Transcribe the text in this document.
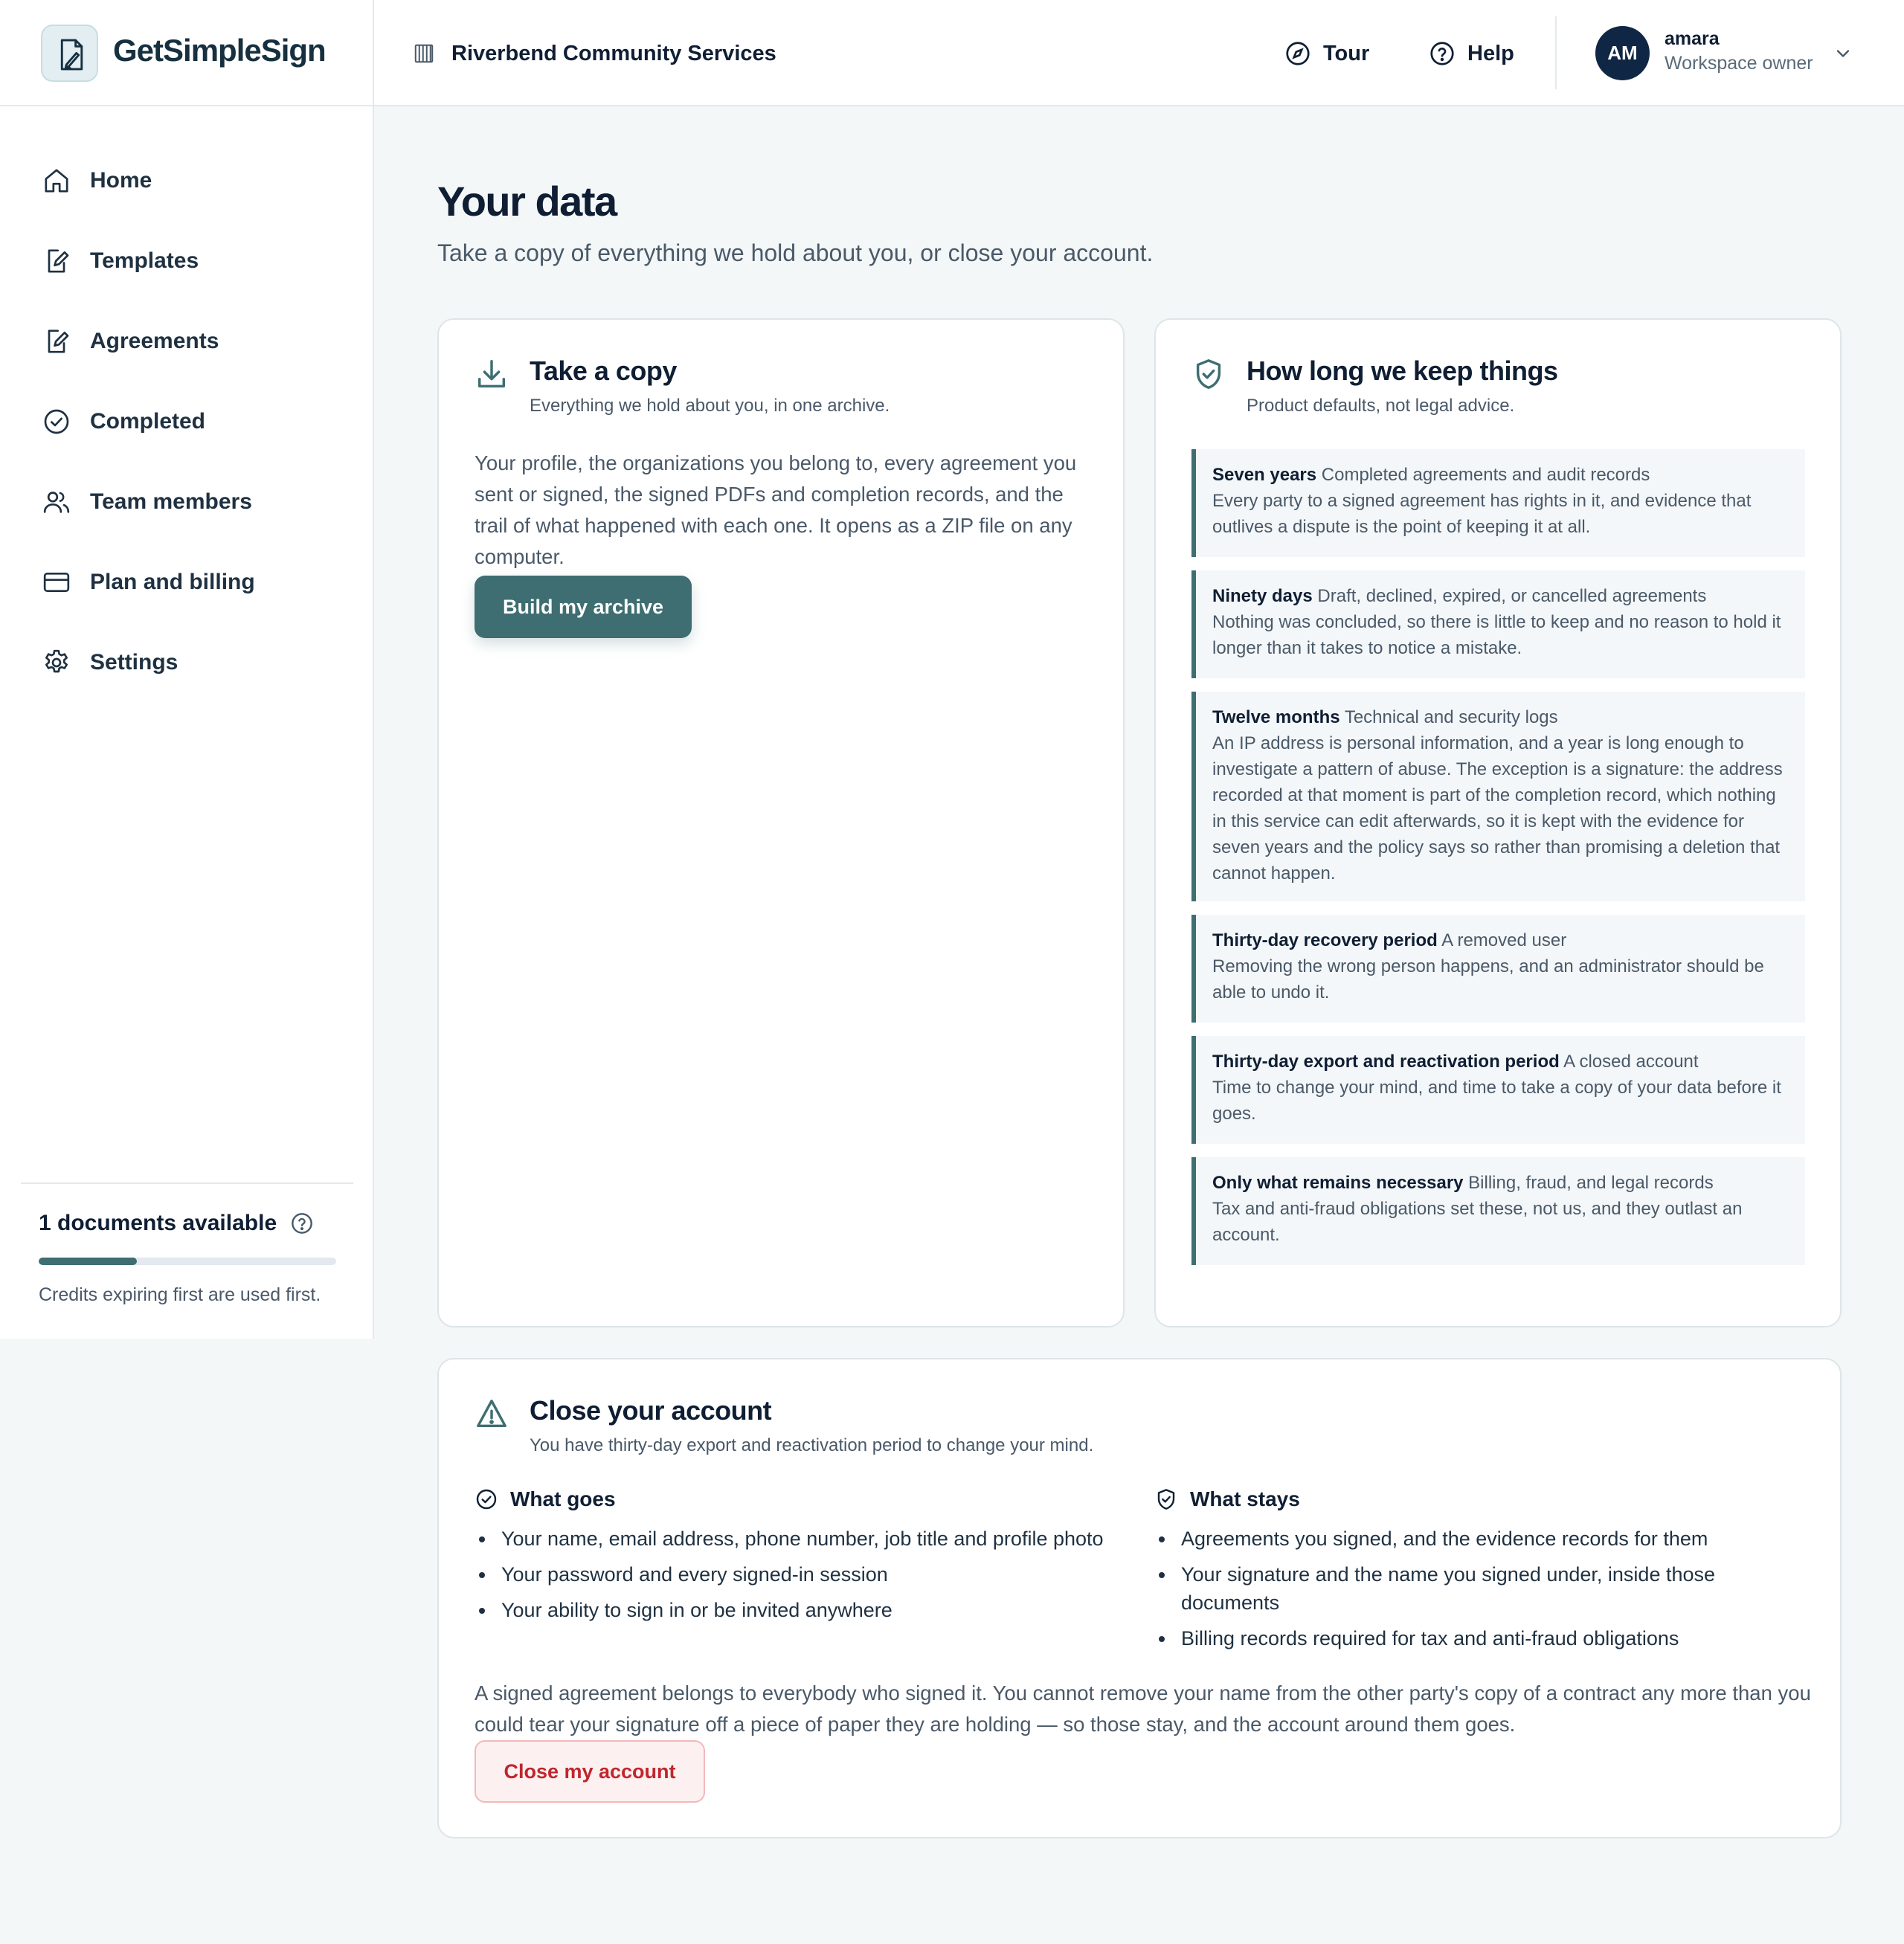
GetSimpleSign	Riverbend Community Services	Tour	Help	AM
amara
Workspace owner
Home
Templates
Agreements
Completed
Team members
Plan and billing
Settings
1 documents available
Credits expiring first are used first.
Your data
Take a copy of everything we hold about you, or close your account.
Take a copy
Everything we hold about you, in one archive.
Your profile, the organizations you belong to, every agreement you sent or signed, the signed PDFs and completion records, and the trail of what happened with each one. It opens as a ZIP file on any computer.
Build my archive
How long we keep things
Product defaults, not legal advice.
Seven years Completed agreements and audit records
Every party to a signed agreement has rights in it, and evidence that outlives a dispute is the point of keeping it at all.
Ninety days Draft, declined, expired, or cancelled agreements
Nothing was concluded, so there is little to keep and no reason to hold it longer than it takes to notice a mistake.
Twelve months Technical and security logs
An IP address is personal information, and a year is long enough to investigate a pattern of abuse. The exception is a signature: the address recorded at that moment is part of the completion record, which nothing in this service can edit afterwards, so it is kept with the evidence for seven years and the policy says so rather than promising a deletion that cannot happen.
Thirty-day recovery period A removed user
Removing the wrong person happens, and an administrator should be able to undo it.
Thirty-day export and reactivation period A closed account
Time to change your mind, and time to take a copy of your data before it goes.
Only what remains necessary Billing, fraud, and legal records
Tax and anti-fraud obligations set these, not us, and they outlast an account.
Close your account
You have thirty-day export and reactivation period to change your mind.
What goes
Your name, email address, phone number, job title and profile photo
Your password and every signed-in session
Your ability to sign in or be invited anywhere
What stays
Agreements you signed, and the evidence records for them
Your signature and the name you signed under, inside those documents
Billing records required for tax and anti-fraud obligations
A signed agreement belongs to everybody who signed it. You cannot remove your name from the other party's copy of a contract any more than you could tear your signature off a piece of paper they are holding — so those stay, and the account around them goes.
Close my account
